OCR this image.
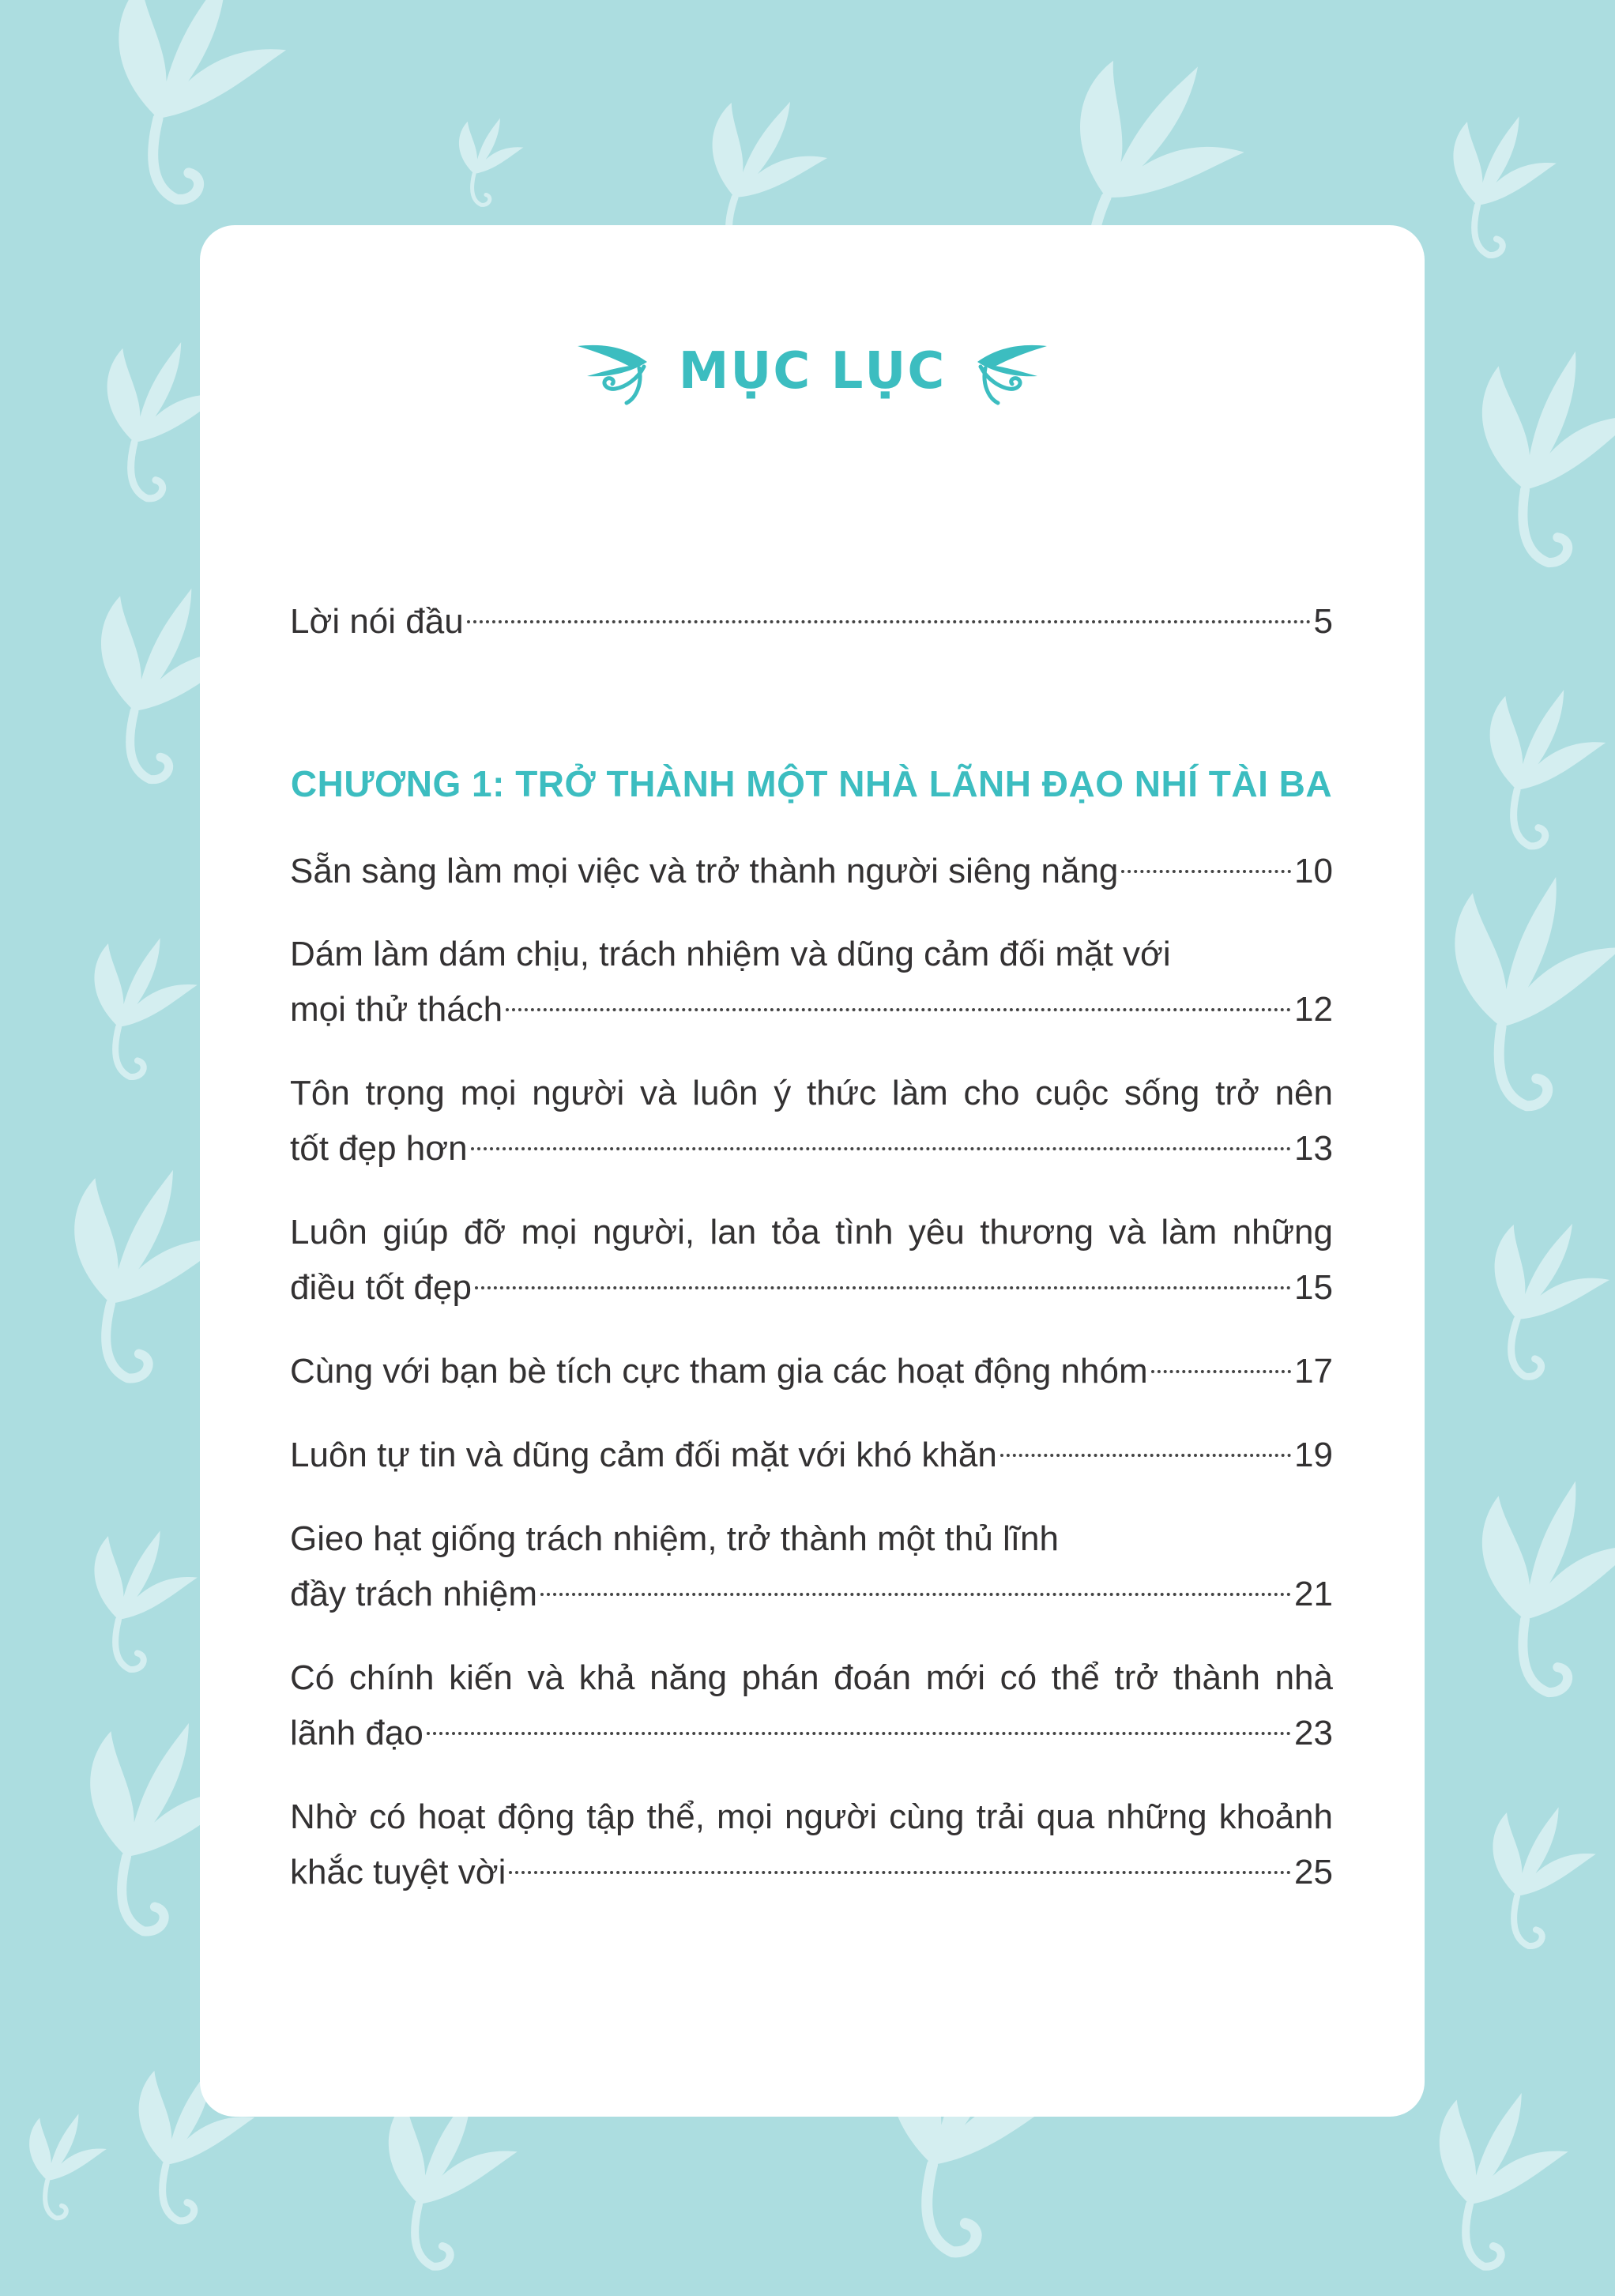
MỤC LỤC
Lời nói đầu	5
Sẵn sàng làm mọi việc và trở thành người siêng năng	10
Dám làm dám chịu, trách nhiệm và dũng cảm đối mặt với
mọi thử thách	12
Tôn trọng mọi người và luôn ý thức làm cho cuộc sống trở nên
tốt đẹp hơn	13
Luôn giúp đỡ mọi người, lan tỏa tình yêu thương và làm những
điều tốt đẹp	15
Cùng với bạn bè tích cực tham gia các hoạt động nhóm	17
Luôn tự tin và dũng cảm đối mặt với khó khăn	19
Gieo hạt giống trách nhiệm, trở thành một thủ lĩnh
đầy trách nhiệm	21
Có chính kiến và khả năng phán đoán mới có thể trở thành nhà
lãnh đạo	23
Nhờ có hoạt động tập thể, mọi người cùng trải qua những khoảnh
khắc tuyệt vời	25
CHƯƠNG 1: TRỞ THÀNH MỘT NHÀ LÃNH ĐẠO NHÍ TÀI BA
